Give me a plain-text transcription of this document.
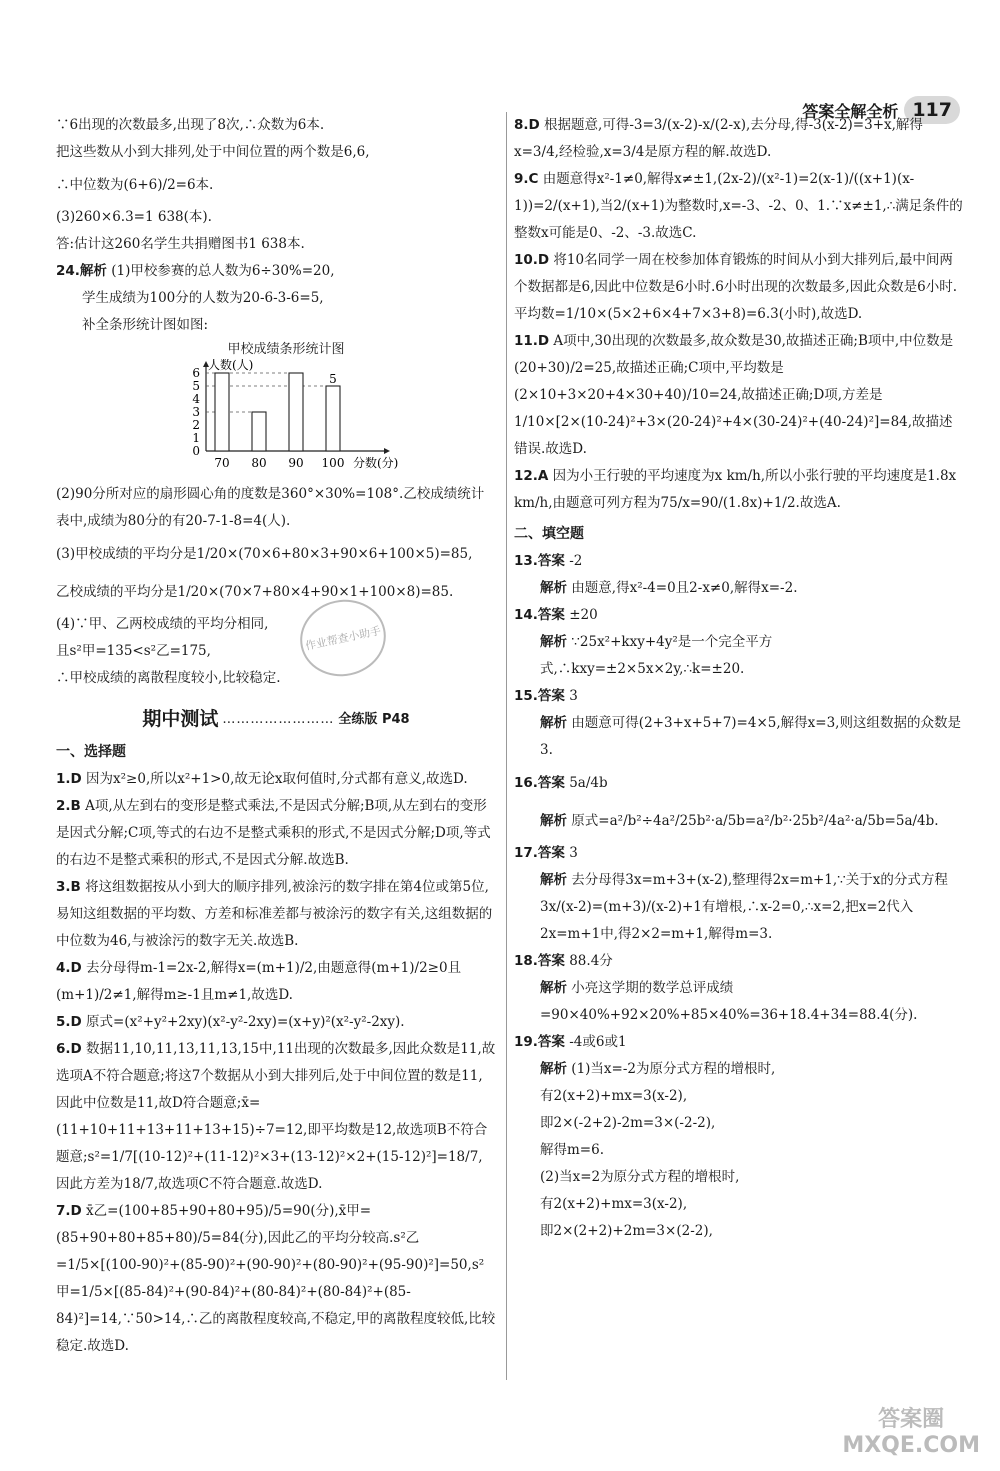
答案全解全析 117

∵6出现的次数最多,出现了8次,∴众数为6本.

把这些数从小到大排列,处于中间位置的两个数是6,6,

∴中位数为(6+6)/2=6本.

(3)260×6.3=1 638(本).

答:估计这260名学生共捐赠图书1 638本.

24.解析 (1)甲校参赛的总人数为6÷30%=20,

学生成绩为100分的人数为20-6-3-6=5,

补全条形统计图如图:

甲校成绩条形统计图
0
1
2
3
4
5
6
70 80 90 100
5
人数(人)
分数(分)

(2)90分所对应的扇形圆心角的度数是360°×30%=108°.乙校成绩统计表中,成绩为80分的有20-7-1-8=4(人).

(3)甲校成绩的平均分是1/20×(70×6+80×3+90×6+100×5)=85,

乙校成绩的平均分是1/20×(70×7+80×4+90×1+100×8)=85.

(4)∵甲、乙两校成绩的平均分相同,

且s²甲=135<s²乙=175,

∴甲校成绩的离散程度较小,比较稳定.

期中测试 …………………… 全练版 P48

一、选择题

1.D 因为x²≥0,所以x²+1>0,故无论x取何值时,分式都有意义,故选D.

2.B A项,从左到右的变形是整式乘法,不是因式分解;B项,从左到右的变形是因式分解;C项,等式的右边不是整式乘积的形式,不是因式分解;D项,等式的右边不是整式乘积的形式,不是因式分解.故选B.

3.B 将这组数据按从小到大的顺序排列,被涂污的数字排在第4位或第5位,易知这组数据的平均数、方差和标准差都与被涂污的数字有关,这组数据的中位数为46,与被涂污的数字无关.故选B.

4.D 去分母得m-1=2x-2,解得x=(m+1)/2,由题意得(m+1)/2≥0且(m+1)/2≠1,解得m≥-1且m≠1,故选D.

5.D 原式=(x²+y²+2xy)(x²-y²-2xy)=(x+y)²(x²-y²-2xy).

6.D 数据11,10,11,13,11,13,15中,11出现的次数最多,因此众数是11,故选项A不符合题意;将这7个数据从小到大排列后,处于中间位置的数是11,因此中位数是11,故D符合题意;x̄=(11+10+11+13+11+13+15)÷7=12,即平均数是12,故选项B不符合题意;s²=1/7[(10-12)²+(11-12)²×3+(13-12)²×2+(15-12)²]=18/7,因此方差为18/7,故选项C不符合题意.故选D.

7.D x̄乙=(100+85+90+80+95)/5=90(分),x̄甲=(85+90+80+85+80)/5=84(分),因此乙的平均分较高.s²乙=1/5×[(100-90)²+(85-90)²+(90-90)²+(80-90)²+(95-90)²]=50,s²甲=1/5×[(85-84)²+(90-84)²+(80-84)²+(80-84)²+(85-84)²]=14,∵50>14,∴乙的离散程度较高,不稳定,甲的离散程度较低,比较稳定.故选D.

作业帮查小助手

8.D 根据题意,可得-3=3/(x-2)-x/(2-x),去分母,得-3(x-2)=3+x,解得x=3/4,经检验,x=3/4是原方程的解.故选D.

9.C 由题意得x²-1≠0,解得x≠±1,(2x-2)/(x²-1)=2(x-1)/((x+1)(x-1))=2/(x+1),当2/(x+1)为整数时,x=-3、-2、0、1.∵x≠±1,∴满足条件的整数x可能是0、-2、-3.故选C.

10.D 将10名同学一周在校参加体育锻炼的时间从小到大排列后,最中间两个数据都是6,因此中位数是6小时.6小时出现的次数最多,因此众数是6小时.平均数=1/10×(5×2+6×4+7×3+8)=6.3(小时),故选D.

11.D A项中,30出现的次数最多,故众数是30,故描述正确;B项中,中位数是(20+30)/2=25,故描述正确;C项中,平均数是(2×10+3×20+4×30+40)/10=24,故描述正确;D项,方差是1/10×[2×(10-24)²+3×(20-24)²+4×(30-24)²+(40-24)²]=84,故描述错误.故选D.

12.A 因为小王行驶的平均速度为x km/h,所以小张行驶的平均速度是1.8x km/h,由题意可列方程为75/x=90/(1.8x)+1/2.故选A.

二、填空题

13.答案 -2

解析 由题意,得x²-4=0且2-x≠0,解得x=-2.

14.答案 ±20

解析 ∵25x²+kxy+4y²是一个完全平方式,∴kxy=±2×5x×2y,∴k=±20.

15.答案 3

解析 由题意可得(2+3+x+5+7)=4×5,解得x=3,则这组数据的众数是3.

16.答案 5a/4b

解析 原式=a²/b²÷4a²/25b²·a/5b=a²/b²·25b²/4a²·a/5b=5a/4b.

17.答案 3

解析 去分母得3x=m+3+(x-2),整理得2x=m+1,∵关于x的分式方程3x/(x-2)=(m+3)/(x-2)+1有增根,∴x-2=0,∴x=2,把x=2代入2x=m+1中,得2×2=m+1,解得m=3.

18.答案 88.4分

解析 小亮这学期的数学总评成绩=90×40%+92×20%+85×40%=36+18.4+34=88.4(分).

19.答案 -4或6或1

解析 (1)当x=-2为原分式方程的增根时,

有2(x+2)+mx=3(x-2),

即2×(-2+2)-2m=3×(-2-2),

解得m=6.

(2)当x=2为原分式方程的增根时,

有2(x+2)+mx=3(x-2),

即2×(2+2)+2m=3×(2-2),

答案圈
MXQE.COM
